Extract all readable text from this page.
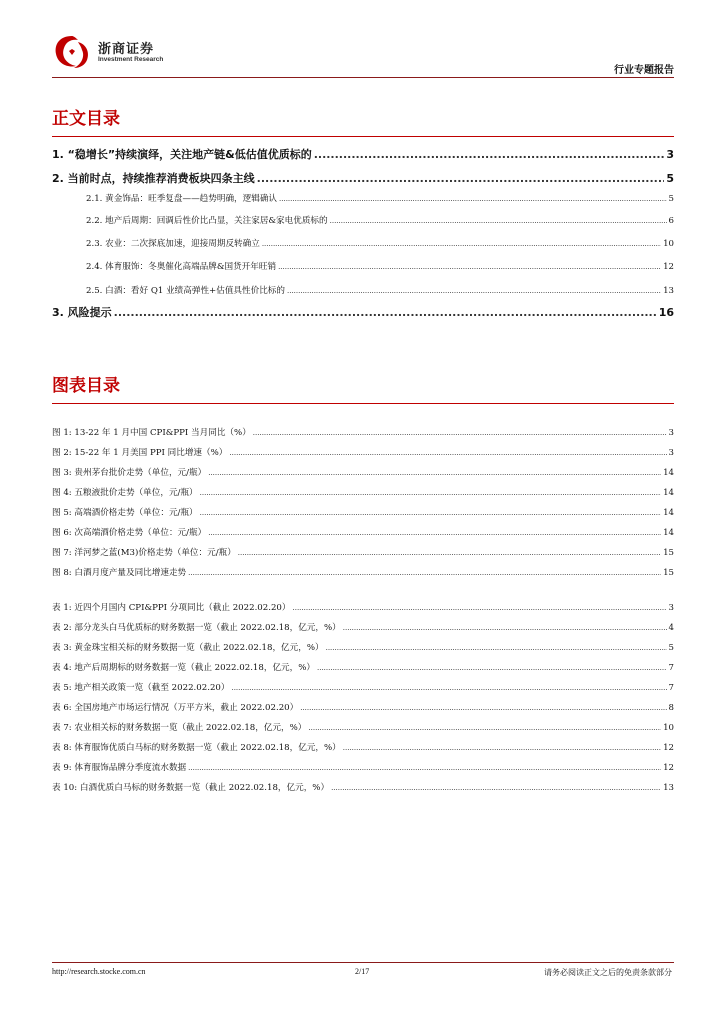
浙商证券
Investment Research
行业专题报告
正文目录
1. “稳增长”持续演绎，关注地产链&低估值优质标的 .....	3
2. 当前时点，持续推荐消费板块四条主线 .....	5
2.1. 黄金饰品：旺季复盘——趋势明确，逻辑确认 .....	5
2.2. 地产后周期：回调后性价比凸显，关注家居&家电优质标的 .....	6
2.3. 农业：二次探底加速，迎接周期反转确立 .....	10
2.4. 体育服饰：冬奥催化高端品牌&国货开年旺销 .....	12
2.5. 白酒：看好 Q1 业绩高弹性+估值具性价比标的 .....	13
3. 风险提示 .....	16
图表目录
图 1: 13-22 年 1 月中国 CPI&PPI 当月同比（%） .....	3
图 2: 15-22 年 1 月美国 PPI 同比增速（%） .....	3
图 3: 贵州茅台批价走势（单位，元/瓶） .....	14
图 4: 五粮液批价走势（单位，元/瓶） .....	14
图 5: 高端酒价格走势（单位：元/瓶） .....	14
图 6: 次高端酒价格走势（单位：元/瓶） .....	14
图 7: 洋河梦之蓝(M3)价格走势（单位：元/瓶） .....	15
图 8: 白酒月度产量及同比增速走势 .....	15
表 1: 近四个月国内 CPI&PPI 分项同比（截止 2022.02.20） .....	3
表 2: 部分龙头白马优质标的财务数据一览（截止 2022.02.18，亿元，%） .....	4
表 3: 黄金珠宝相关标的财务数据一览（截止 2022.02.18，亿元，%） .....	5
表 4: 地产后周期标的财务数据一览（截止 2022.02.18，亿元，%） .....	7
表 5: 地产相关政策一览（截至 2022.02.20） .....	7
表 6: 全国房地产市场运行情况（万平方米，截止 2022.02.20） .....	8
表 7: 农业相关标的财务数据一览（截止 2022.02.18，亿元，%） .....	10
表 8: 体育服饰优质白马标的财务数据一览（截止 2022.02.18，亿元，%） .....	12
表 9: 体育服饰品牌分季度流水数据 .....	12
表 10: 白酒优质白马标的财务数据一览（截止 2022.02.18，亿元，%） .....	13
http://research.stocke.com.cn	2/17	请务必阅读正文之后的免责条款部分
